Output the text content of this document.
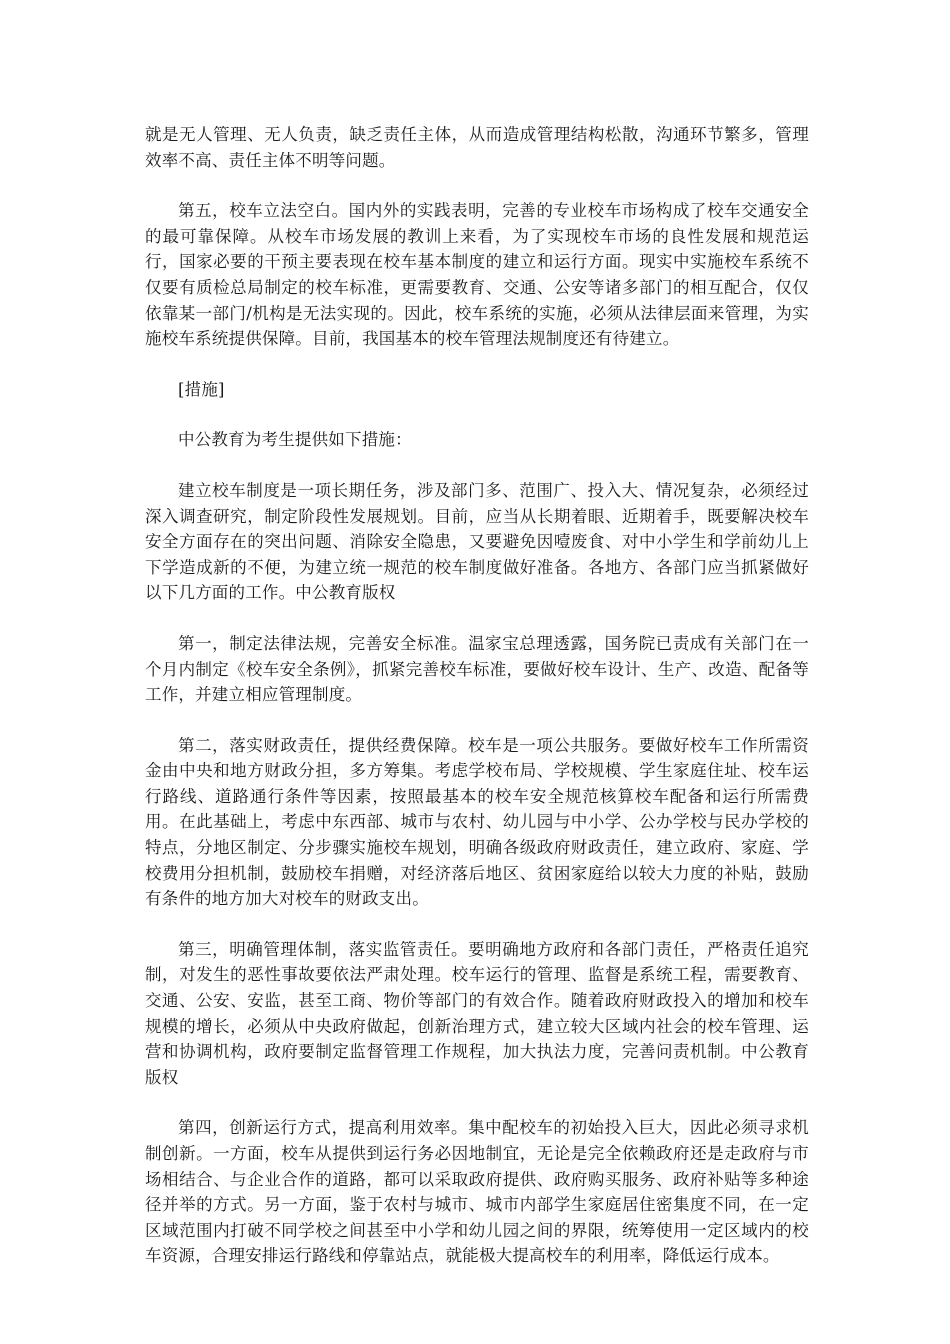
就是无人管理、无人负责，缺乏责任主体，从而造成管理结构松散，沟通环节繁多，管理效率不高、责任主体不明等问题。

第五，校车立法空白。国内外的实践表明，完善的专业校车市场构成了校车交通安全的最可靠保障。从校车市场发展的教训上来看，为了实现校车市场的良性发展和规范运行，国家必要的干预主要表现在校车基本制度的建立和运行方面。现实中实施校车系统不仅要有质检总局制定的校车标准，更需要教育、交通、公安等诸多部门的相互配合，仅仅依靠某一部门/机构是无法实现的。因此，校车系统的实施，必须从法律层面来管理，为实施校车系统提供保障。目前，我国基本的校车管理法规制度还有待建立。

[措施]

中公教育为考生提供如下措施：

建立校车制度是一项长期任务，涉及部门多、范围广、投入大、情况复杂，必须经过深入调查研究，制定阶段性发展规划。目前，应当从长期着眼、近期着手，既要解决校车安全方面存在的突出问题、消除安全隐患，又要避免因噎废食、对中小学生和学前幼儿上下学造成新的不便，为建立统一规范的校车制度做好准备。各地方、各部门应当抓紧做好以下几方面的工作。中公教育版权

第一，制定法律法规，完善安全标准。温家宝总理透露，国务院已责成有关部门在一个月内制定《校车安全条例》，抓紧完善校车标准，要做好校车设计、生产、改造、配备等工作，并建立相应管理制度。

第二，落实财政责任，提供经费保障。校车是一项公共服务。要做好校车工作所需资金由中央和地方财政分担，多方筹集。考虑学校布局、学校规模、学生家庭住址、校车运行路线、道路通行条件等因素，按照最基本的校车安全规范核算校车配备和运行所需费用。在此基础上，考虑中东西部、城市与农村、幼儿园与中小学、公办学校与民办学校的特点，分地区制定、分步骤实施校车规划，明确各级政府财政责任，建立政府、家庭、学校费用分担机制，鼓励校车捐赠，对经济落后地区、贫困家庭给以较大力度的补贴，鼓励有条件的地方加大对校车的财政支出。

第三，明确管理体制，落实监管责任。要明确地方政府和各部门责任，严格责任追究制，对发生的恶性事故要依法严肃处理。校车运行的管理、监督是系统工程，需要教育、交通、公安、安监，甚至工商、物价等部门的有效合作。随着政府财政投入的增加和校车规模的增长，必须从中央政府做起，创新治理方式，建立较大区域内社会的校车管理、运营和协调机构，政府要制定监督管理工作规程，加大执法力度，完善问责机制。中公教育版权

第四，创新运行方式，提高利用效率。集中配校车的初始投入巨大，因此必须寻求机制创新。一方面，校车从提供到运行务必因地制宜，无论是完全依赖政府还是走政府与市场相结合、与企业合作的道路，都可以采取政府提供、政府购买服务、政府补贴等多种途径并举的方式。另一方面，鉴于农村与城市、城市内部学生家庭居住密集度不同，在一定区域范围内打破不同学校之间甚至中小学和幼儿园之间的界限，统筹使用一定区域内的校车资源，合理安排运行路线和停靠站点，就能极大提高校车的利用率，降低运行成本。
